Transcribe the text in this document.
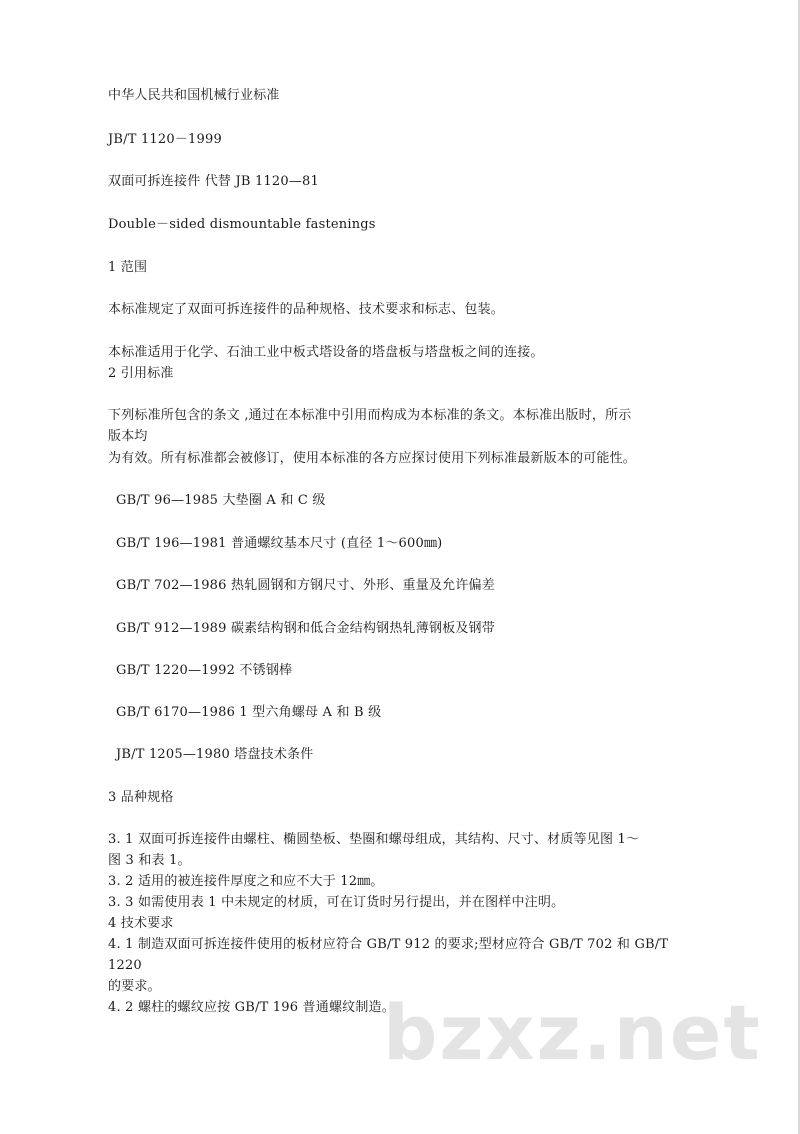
中华人民共和国机械行业标准
JB/T 1120－1999
双面可拆连接件 代替 JB 1120—81
Double－sided dismountable fastenings
1 范围
本标准规定了双面可拆连接件的品种规格、技术要求和标志、包装。
本标准适用于化学、石油工业中板式塔设备的塔盘板与塔盘板之间的连接。
2 引用标准
下列标准所包含的条文 ,通过在本标准中引用而构成为本标准的条文。本标准出版时，所示
版本均
为有效。所有标准都会被修订，使用本标准的各方应探讨使用下列标准最新版本的可能性。
GB/T 96—1985 大垫圈 A 和 C 级
GB/T 196—1981 普通螺纹基本尺寸 (直径 1～600㎜)
GB/T 702—1986 热轧圆钢和方钢尺寸、外形、重量及允许偏差
GB/T 912—1989 碳素结构钢和低合金结构钢热轧薄钢板及钢带
GB/T 1220—1992 不锈钢棒
GB/T 6170—1986 1 型六角螺母 A 和 B 级
JB/T 1205—1980 塔盘技术条件
3 品种规格
3. 1 双面可拆连接件由螺柱、椭圆垫板、垫圈和螺母组成，其结构、尺寸、材质等见图 1～
图 3 和表 1。
3. 2 适用的被连接件厚度之和应不大于 12㎜。
3. 3 如需使用表 1 中未规定的材质，可在订货时另行提出，并在图样中注明。
4 技术要求
4. 1 制造双面可拆连接件使用的板材应符合 GB/T 912 的要求;型材应符合 GB/T 702 和 GB/T
1220
的要求。
4. 2 螺柱的螺纹应按 GB/T 196 普通螺纹制造。
bzxz.net
